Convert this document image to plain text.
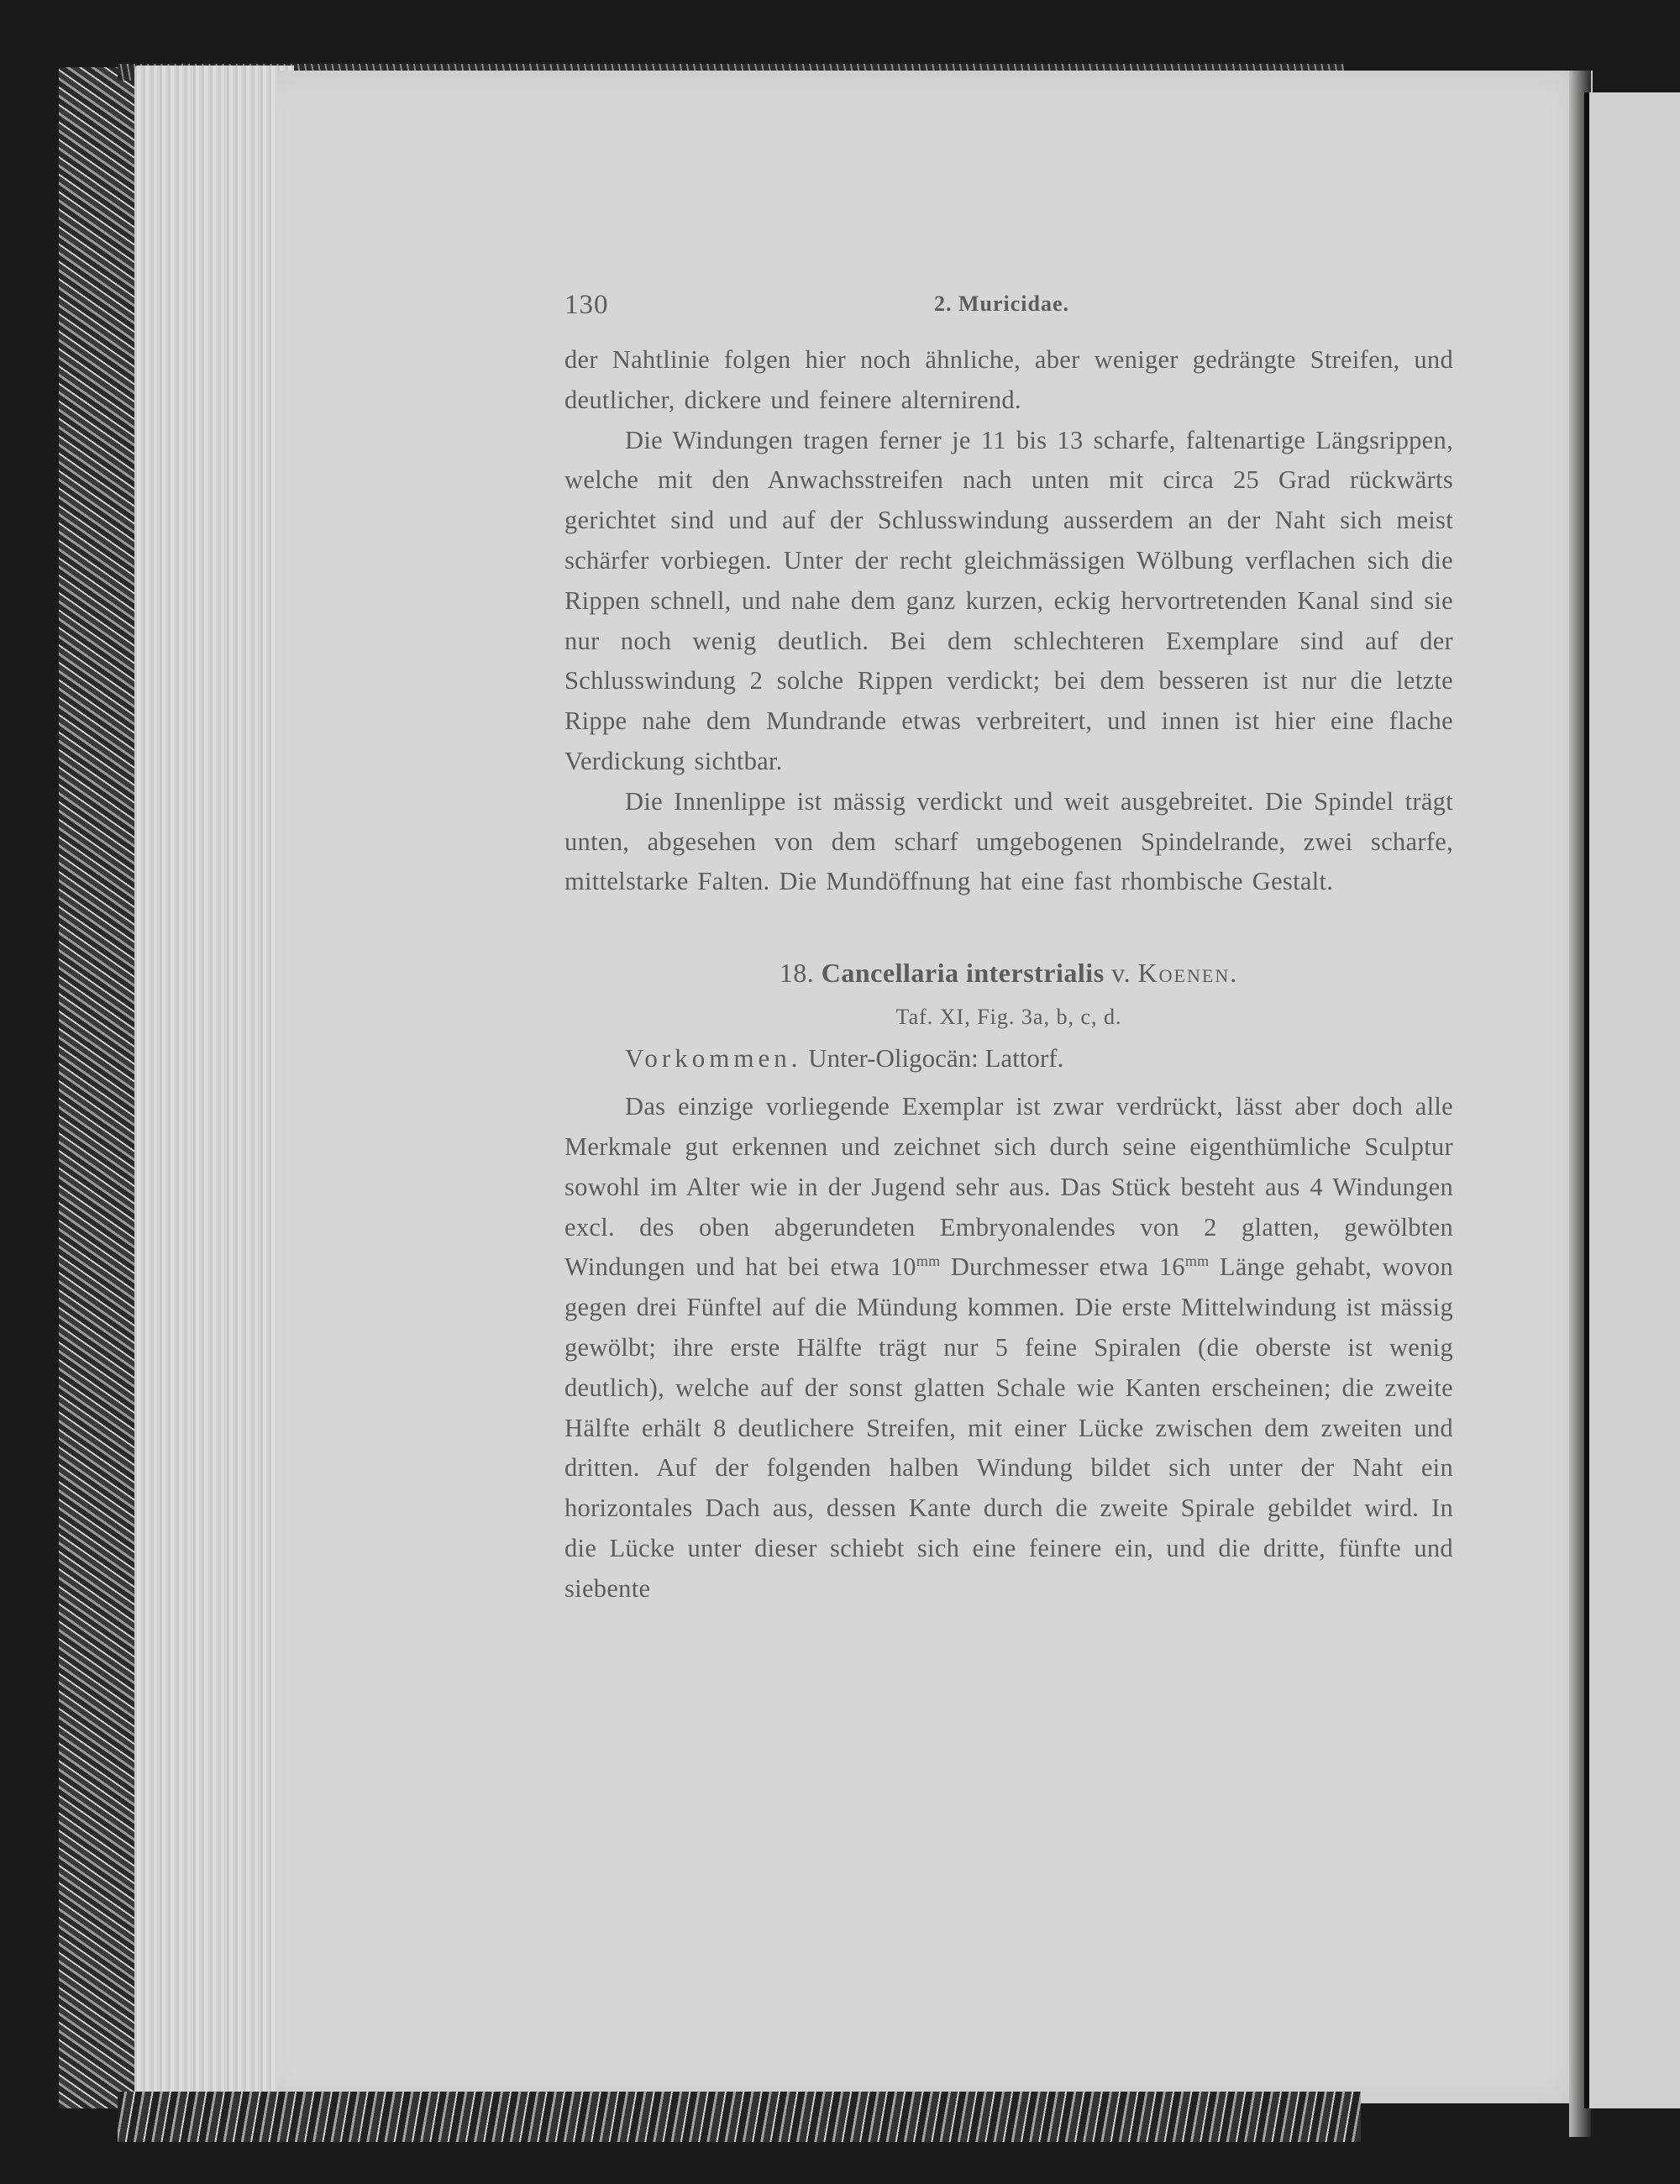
130	2. Muricidae.

der Nahtlinie folgen hier noch ähnliche, aber weniger gedrängte Streifen, und deutlicher, dickere und feinere alternirend.

Die Windungen tragen ferner je 11 bis 13 scharfe, faltenartige Längsrippen, welche mit den Anwachsstreifen nach unten mit circa 25 Grad rückwärts gerichtet sind und auf der Schlusswindung ausserdem an der Naht sich meist schärfer vorbiegen. Unter der recht gleichmässigen Wölbung verflachen sich die Rippen schnell, und nahe dem ganz kurzen, eckig hervortretenden Kanal sind sie nur noch wenig deutlich. Bei dem schlechteren Exemplare sind auf der Schlusswindung 2 solche Rippen verdickt; bei dem besseren ist nur die letzte Rippe nahe dem Mundrande etwas verbreitert, und innen ist hier eine flache Verdickung sichtbar.

Die Innenlippe ist mässig verdickt und weit ausgebreitet. Die Spindel trägt unten, abgesehen von dem scharf umgebogenen Spindelrande, zwei scharfe, mittelstarke Falten. Die Mundöffnung hat eine fast rhombische Gestalt.

18. Cancellaria interstrialis v. Koenen.
Taf. XI, Fig. 3a, b, c, d.
Vorkommen. Unter-Oligocän: Lattorf.

Das einzige vorliegende Exemplar ist zwar verdrückt, lässt aber doch alle Merkmale gut erkennen und zeichnet sich durch seine eigenthümliche Sculptur sowohl im Alter wie in der Jugend sehr aus. Das Stück besteht aus 4 Windungen excl. des oben abgerundeten Embryonalendes von 2 glatten, gewölbten Windungen und hat bei etwa $10^{mm}$ Durchmesser etwa $16^{mm}$ Länge gehabt, wovon gegen drei Fünftel auf die Mündung kommen. Die erste Mittelwindung ist mässig gewölbt; ihre erste Hälfte trägt nur 5 feine Spiralen (die oberste ist wenig deutlich), welche auf der sonst glatten Schale wie Kanten erscheinen; die zweite Hälfte erhält 8 deutlichere Streifen, mit einer Lücke zwischen dem zweiten und dritten. Auf der folgenden halben Windung bildet sich unter der Naht ein horizontales Dach aus, dessen Kante durch die zweite Spirale gebildet wird. In die Lücke unter dieser schiebt sich eine feinere ein, und die dritte, fünfte und siebente
